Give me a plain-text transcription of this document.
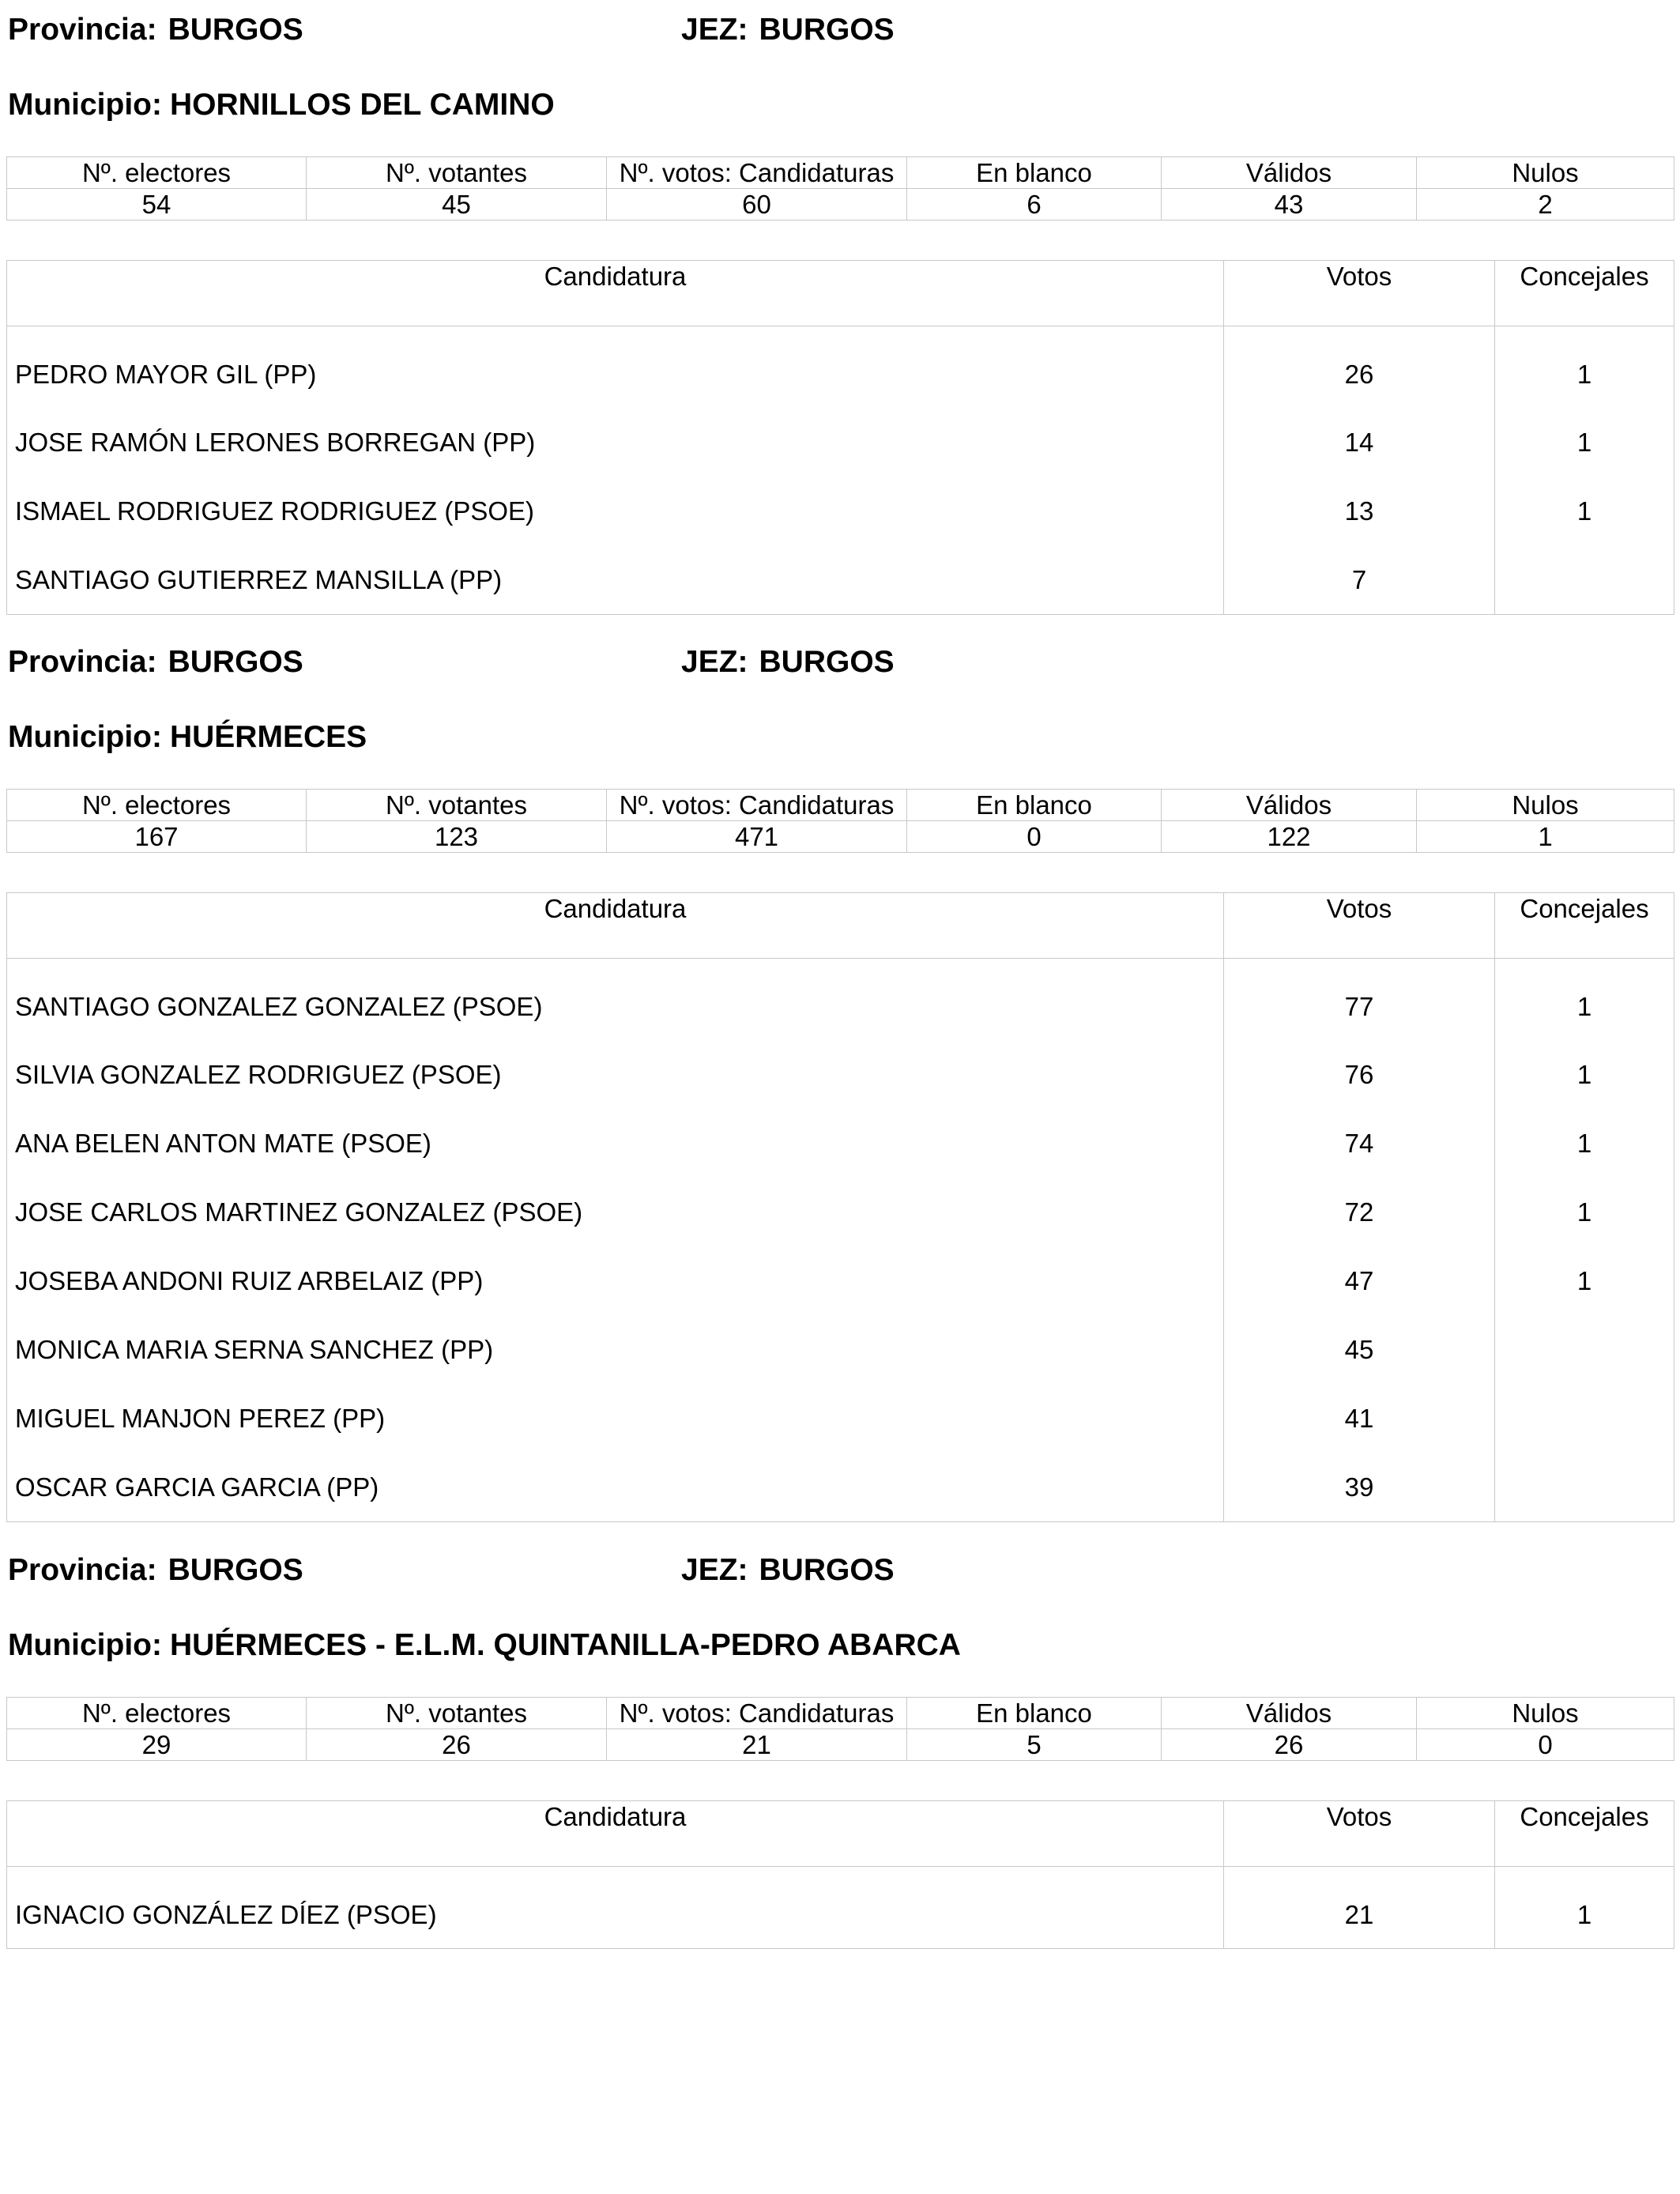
Provincia: BURGOS	JEZ: BURGOS
Municipio: HORNILLOS DEL CAMINO
Nº. electores	Nº. votantes	Nº. votos: Candidaturas	En blanco	Válidos	Nulos
54	45	60	6	43	2
Candidatura	Votos	Concejales
PEDRO MAYOR GIL (PP)	26	1
JOSE RAMÓN LERONES BORREGAN (PP)	14	1
ISMAEL RODRIGUEZ RODRIGUEZ (PSOE)	13	1
SANTIAGO GUTIERREZ MANSILLA (PP)	7	
Provincia: BURGOS	JEZ: BURGOS
Municipio: HUÉRMECES
Nº. electores	Nº. votantes	Nº. votos: Candidaturas	En blanco	Válidos	Nulos
167	123	471	0	122	1
Candidatura	Votos	Concejales
SANTIAGO GONZALEZ GONZALEZ (PSOE)	77	1
SILVIA GONZALEZ RODRIGUEZ (PSOE)	76	1
ANA BELEN ANTON MATE (PSOE)	74	1
JOSE CARLOS MARTINEZ GONZALEZ (PSOE)	72	1
JOSEBA ANDONI RUIZ ARBELAIZ (PP)	47	1
MONICA MARIA SERNA SANCHEZ (PP)	45	
MIGUEL MANJON PEREZ (PP)	41	
OSCAR GARCIA GARCIA (PP)	39	
Provincia: BURGOS	JEZ: BURGOS
Municipio: HUÉRMECES - E.L.M. QUINTANILLA-PEDRO ABARCA
Nº. electores	Nº. votantes	Nº. votos: Candidaturas	En blanco	Válidos	Nulos
29	26	21	5	26	0
Candidatura	Votos	Concejales
IGNACIO GONZÁLEZ DÍEZ (PSOE)	21	1
